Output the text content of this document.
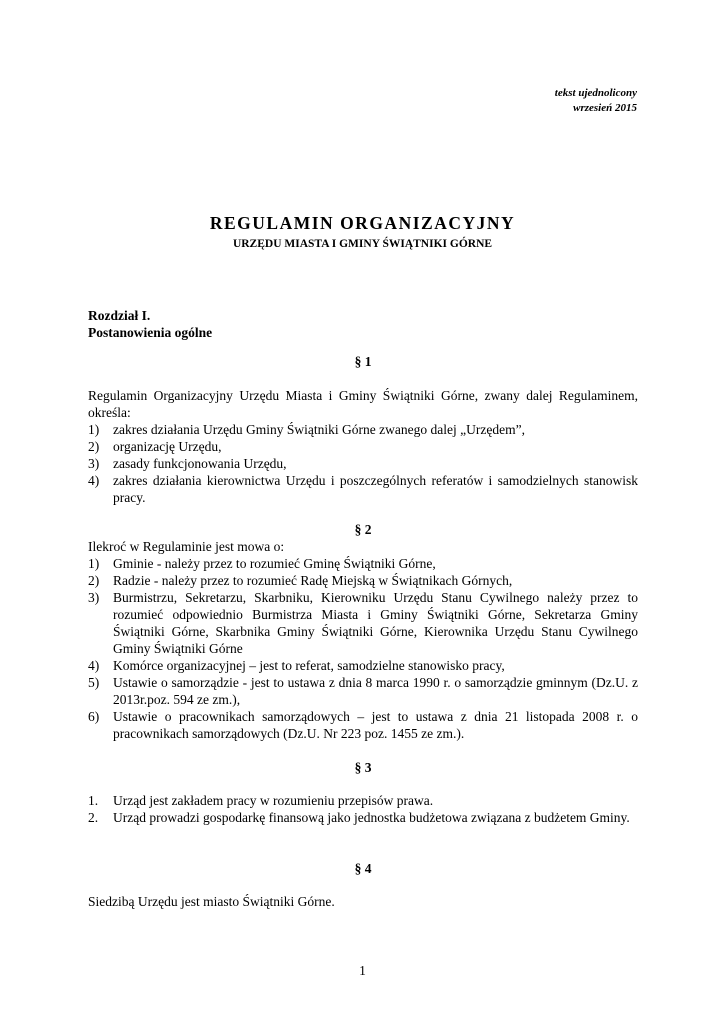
tekst ujednolicony
wrzesień 2015
REGULAMIN ORGANIZACYJNY
URZĘDU MIASTA I GMINY ŚWIĄTNIKI GÓRNE
Rozdział I.
Postanowienia ogólne
§ 1
Regulamin Organizacyjny Urzędu Miasta i Gminy Świątniki Górne, zwany dalej Regulaminem, określa:
1) zakres działania Urzędu Gminy Świątniki Górne zwanego dalej „Urzędem”,
2) organizację Urzędu,
3) zasady funkcjonowania Urzędu,
4) zakres działania kierownictwa Urzędu i poszczególnych referatów i samodzielnych stanowisk pracy.
§ 2
Ilekroć w Regulaminie jest mowa o:
1) Gminie - należy przez to rozumieć Gminę Świątniki Górne,
2) Radzie - należy przez to rozumieć Radę Miejską w Świątnikach Górnych,
3) Burmistrzu, Sekretarzu, Skarbniku, Kierowniku Urzędu Stanu Cywilnego należy przez to rozumieć odpowiednio Burmistrza Miasta i Gminy Świątniki Górne, Sekretarza Gminy Świątniki Górne, Skarbnika Gminy Świątniki Górne, Kierownika Urzędu Stanu Cywilnego Gminy Świątniki Górne
4) Komórce organizacyjnej – jest to referat, samodzielne stanowisko pracy,
5) Ustawie o samorządzie - jest to ustawa z dnia 8 marca 1990 r. o samorządzie gminnym (Dz.U. z 2013r.poz. 594 ze zm.),
6) Ustawie o pracownikach samorządowych – jest to ustawa z dnia 21 listopada 2008 r. o pracownikach samorządowych (Dz.U. Nr 223 poz. 1455 ze zm.).
§ 3
1. Urząd jest zakładem pracy w rozumieniu przepisów prawa.
2. Urząd prowadzi gospodarkę finansową jako jednostka budżetowa związana z budżetem Gminy.
§ 4
Siedzibą Urzędu jest miasto Świątniki Górne.
1
